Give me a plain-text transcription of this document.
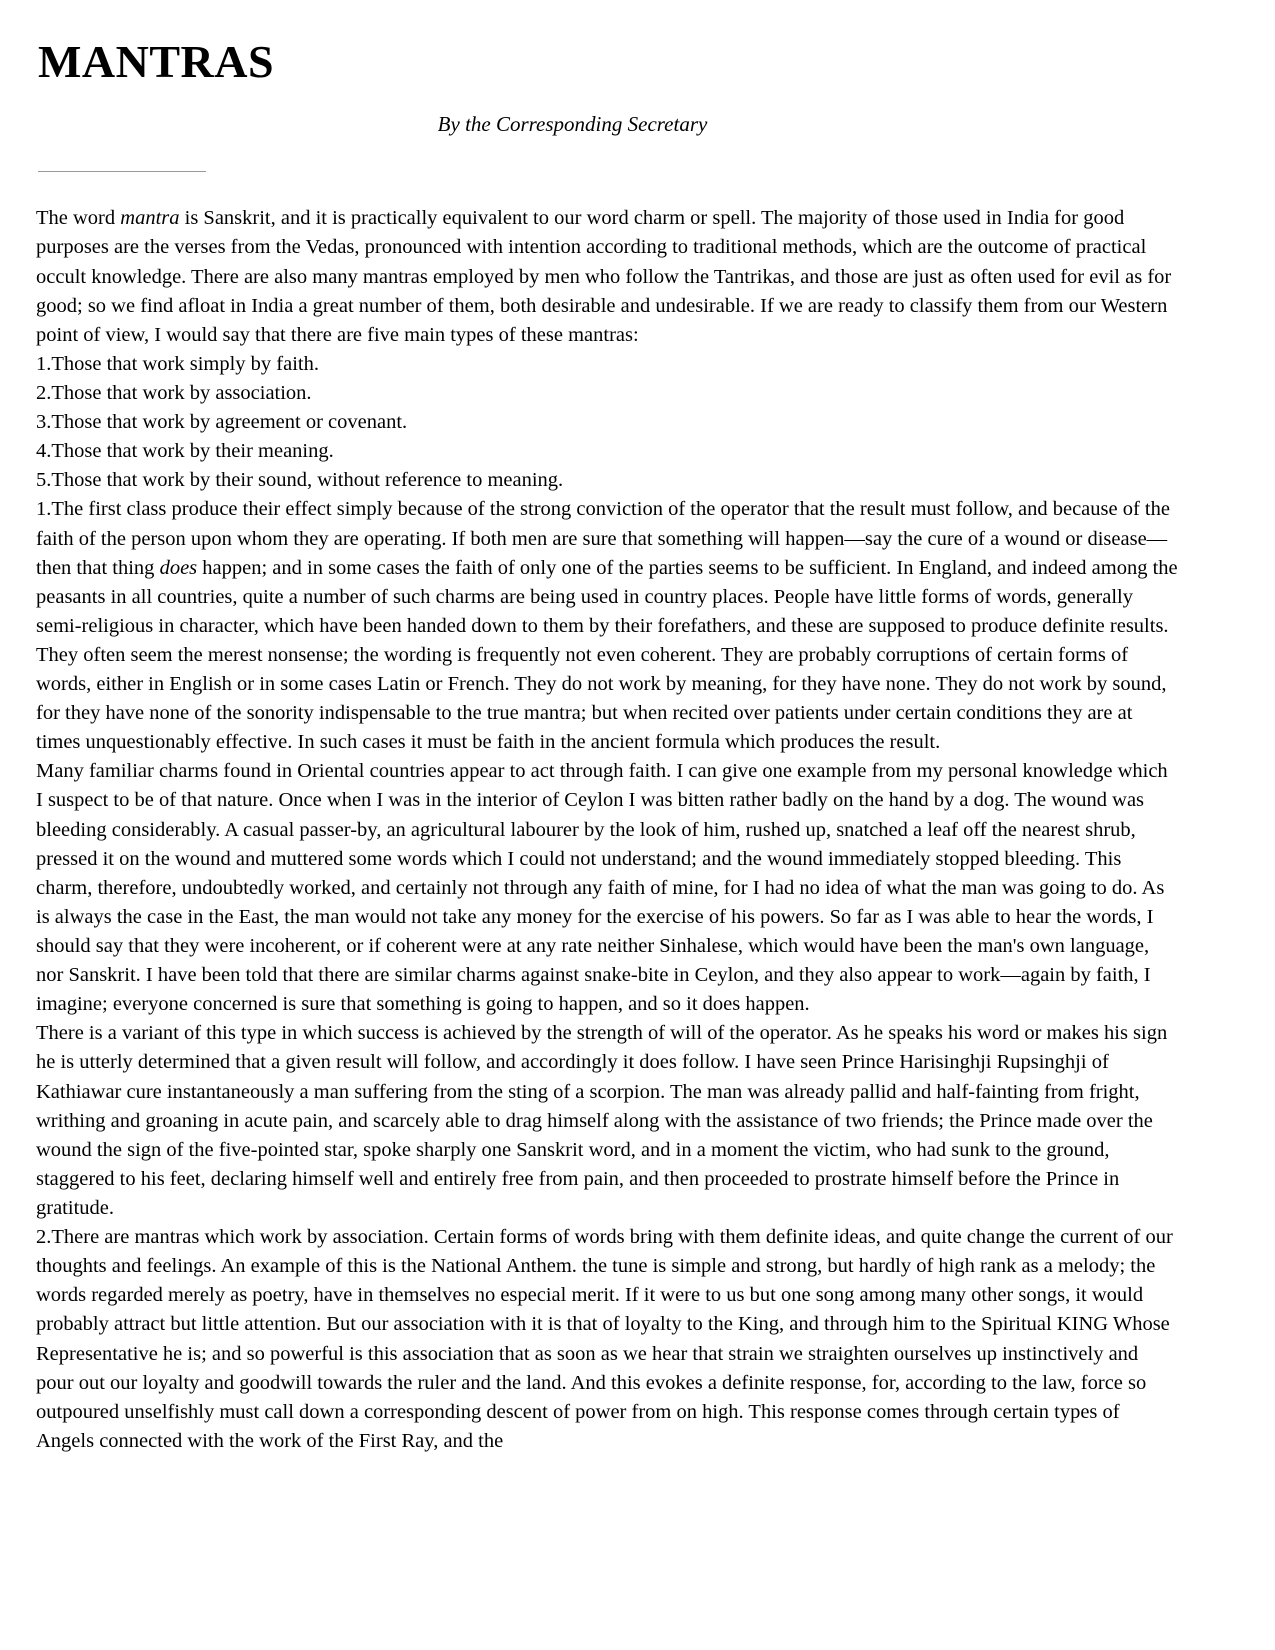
MANTRAS
By the Corresponding Secretary

The word mantra is Sanskrit, and it is practically equivalent to our word charm or spell. The majority of those used in India for good purposes are the verses from the Vedas, pronounced with intention according to traditional methods, which are the outcome of practical occult knowledge. There are also many mantras employed by men who follow the Tantrikas, and those are just as often used for evil as for good; so we find afloat in India a great number of them, both desirable and undesirable. If we are ready to classify them from our Western point of view, I would say that there are five main types of these mantras:

1.Those that work simply by faith.

2.Those that work by association.

3.Those that work by agreement or covenant.

4.Those that work by their meaning.

5.Those that work by their sound, without reference to meaning.

1.The first class produce their effect simply because of the strong conviction of the operator that the result must follow, and because of the faith of the person upon whom they are operating. If both men are sure that something will happen—say the cure of a wound or disease—then that thing does happen; and in some cases the faith of only one of the parties seems to be sufficient. In England, and indeed among the peasants in all countries, quite a number of such charms are being used in country places. People have little forms of words, generally semi-religious in character, which have been handed down to them by their forefathers, and these are supposed to produce definite results. They often seem the merest nonsense; the wording is frequently not even coherent. They are probably corruptions of certain forms of words, either in English or in some cases Latin or French. They do not work by meaning, for they have none. They do not work by sound, for they have none of the sonority indispensable to the true mantra; but when recited over patients under certain conditions they are at times unquestionably effective. In such cases it must be faith in the ancient formula which produces the result.

Many familiar charms found in Oriental countries appear to act through faith. I can give one example from my personal knowledge which I suspect to be of that nature. Once when I was in the interior of Ceylon I was bitten rather badly on the hand by a dog. The wound was bleeding considerably. A casual passer-by, an agricultural labourer by the look of him, rushed up, snatched a leaf off the nearest shrub, pressed it on the wound and muttered some words which I could not understand; and the wound immediately stopped bleeding. This charm, therefore, undoubtedly worked, and certainly not through any faith of mine, for I had no idea of what the man was going to do. As is always the case in the East, the man would not take any money for the exercise of his powers. So far as I was able to hear the words, I should say that they were incoherent, or if coherent were at any rate neither Sinhalese, which would have been the man's own language, nor Sanskrit. I have been told that there are similar charms against snake-bite in Ceylon, and they also appear to work—again by faith, I imagine; everyone concerned is sure that something is going to happen, and so it does happen.

There is a variant of this type in which success is achieved by the strength of will of the operator. As he speaks his word or makes his sign he is utterly determined that a given result will follow, and accordingly it does follow. I have seen Prince Harisinghji Rupsinghji of Kathiawar cure instantaneously a man suffering from the sting of a scorpion. The man was already pallid and half-fainting from fright, writhing and groaning in acute pain, and scarcely able to drag himself along with the assistance of two friends; the Prince made over the wound the sign of the five-pointed star, spoke sharply one Sanskrit word, and in a moment the victim, who had sunk to the ground, staggered to his feet, declaring himself well and entirely free from pain, and then proceeded to prostrate himself before the Prince in gratitude.

2.There are mantras which work by association. Certain forms of words bring with them definite ideas, and quite change the current of our thoughts and feelings. An example of this is the National Anthem. the tune is simple and strong, but hardly of high rank as a melody; the words regarded merely as poetry, have in themselves no especial merit. If it were to us but one song among many other songs, it would probably attract but little attention. But our association with it is that of loyalty to the King, and through him to the Spiritual KING Whose Representative he is; and so powerful is this association that as soon as we hear that strain we straighten ourselves up instinctively and pour out our loyalty and goodwill towards the ruler and the land. And this evokes a definite response, for, according to the law, force so outpoured unselfishly must call down a corresponding descent of power from on high. This response comes through certain types of Angels connected with the work of the First Ray, and the
